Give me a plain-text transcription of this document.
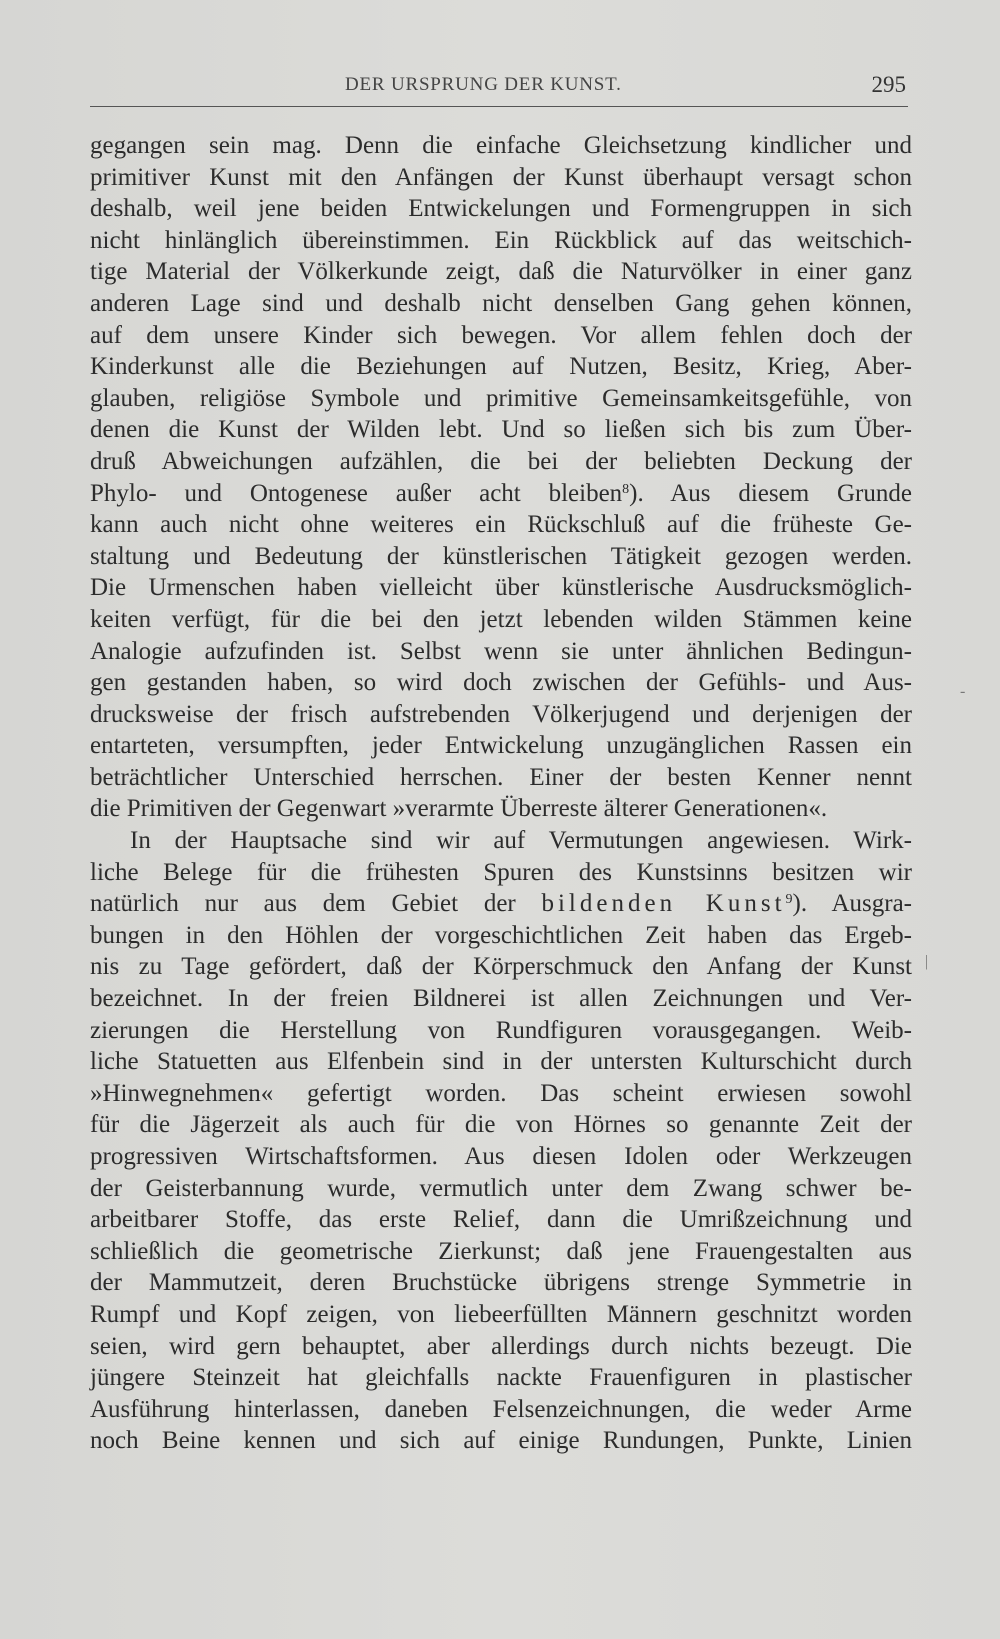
DER URSPRUNG DER KUNST.	295
gegangen sein mag. Denn die einfache Gleichsetzung kindlicher und
primitiver Kunst mit den Anfängen der Kunst überhaupt versagt schon
deshalb, weil jene beiden Entwickelungen und Formengruppen in sich
nicht hinlänglich übereinstimmen. Ein Rückblick auf das weitschich-
tige Material der Völkerkunde zeigt, daß die Naturvölker in einer ganz
anderen Lage sind und deshalb nicht denselben Gang gehen können,
auf dem unsere Kinder sich bewegen. Vor allem fehlen doch der
Kinderkunst alle die Beziehungen auf Nutzen, Besitz, Krieg, Aber-
glauben, religiöse Symbole und primitive Gemeinsamkeitsgefühle, von
denen die Kunst der Wilden lebt. Und so ließen sich bis zum Über-
druß Abweichungen aufzählen, die bei der beliebten Deckung der
Phylo- und Ontogenese außer acht bleiben$^8$). Aus diesem Grunde
kann auch nicht ohne weiteres ein Rückschluß auf die früheste Ge-
staltung und Bedeutung der künstlerischen Tätigkeit gezogen werden.
Die Urmenschen haben vielleicht über künstlerische Ausdrucksmöglich-
keiten verfügt, für die bei den jetzt lebenden wilden Stämmen keine
Analogie aufzufinden ist. Selbst wenn sie unter ähnlichen Bedingun-
gen gestanden haben, so wird doch zwischen der Gefühls- und Aus-
drucksweise der frisch aufstrebenden Völkerjugend und derjenigen der
entarteten, versumpften, jeder Entwickelung unzugänglichen Rassen ein
beträchtlicher Unterschied herrschen. Einer der besten Kenner nennt
die Primitiven der Gegenwart »verarmte Überreste älterer Generationen«.
In der Hauptsache sind wir auf Vermutungen angewiesen. Wirk-
liche Belege für die frühesten Spuren des Kunstsinns besitzen wir
natürlich nur aus dem Gebiet der bildenden Kunst$^9$). Ausgra-
bungen in den Höhlen der vorgeschichtlichen Zeit haben das Ergeb-
nis zu Tage gefördert, daß der Körperschmuck den Anfang der Kunst
bezeichnet. In der freien Bildnerei ist allen Zeichnungen und Ver-
zierungen die Herstellung von Rundfiguren vorausgegangen. Weib-
liche Statuetten aus Elfenbein sind in der untersten Kulturschicht durch
»Hinwegnehmen« gefertigt worden. Das scheint erwiesen sowohl
für die Jägerzeit als auch für die von Hörnes so genannte Zeit der
progressiven Wirtschaftsformen. Aus diesen Idolen oder Werkzeugen
der Geisterbannung wurde, vermutlich unter dem Zwang schwer be-
arbeitbarer Stoffe, das erste Relief, dann die Umrißzeichnung und
schließlich die geometrische Zierkunst; daß jene Frauengestalten aus
der Mammutzeit, deren Bruchstücke übrigens strenge Symmetrie in
Rumpf und Kopf zeigen, von liebeerfüllten Männern geschnitzt worden
seien, wird gern behauptet, aber allerdings durch nichts bezeugt. Die
jüngere Steinzeit hat gleichfalls nackte Frauenfiguren in plastischer
Ausführung hinterlassen, daneben Felsenzeichnungen, die weder Arme
noch Beine kennen und sich auf einige Rundungen, Punkte, Linien
-
|
